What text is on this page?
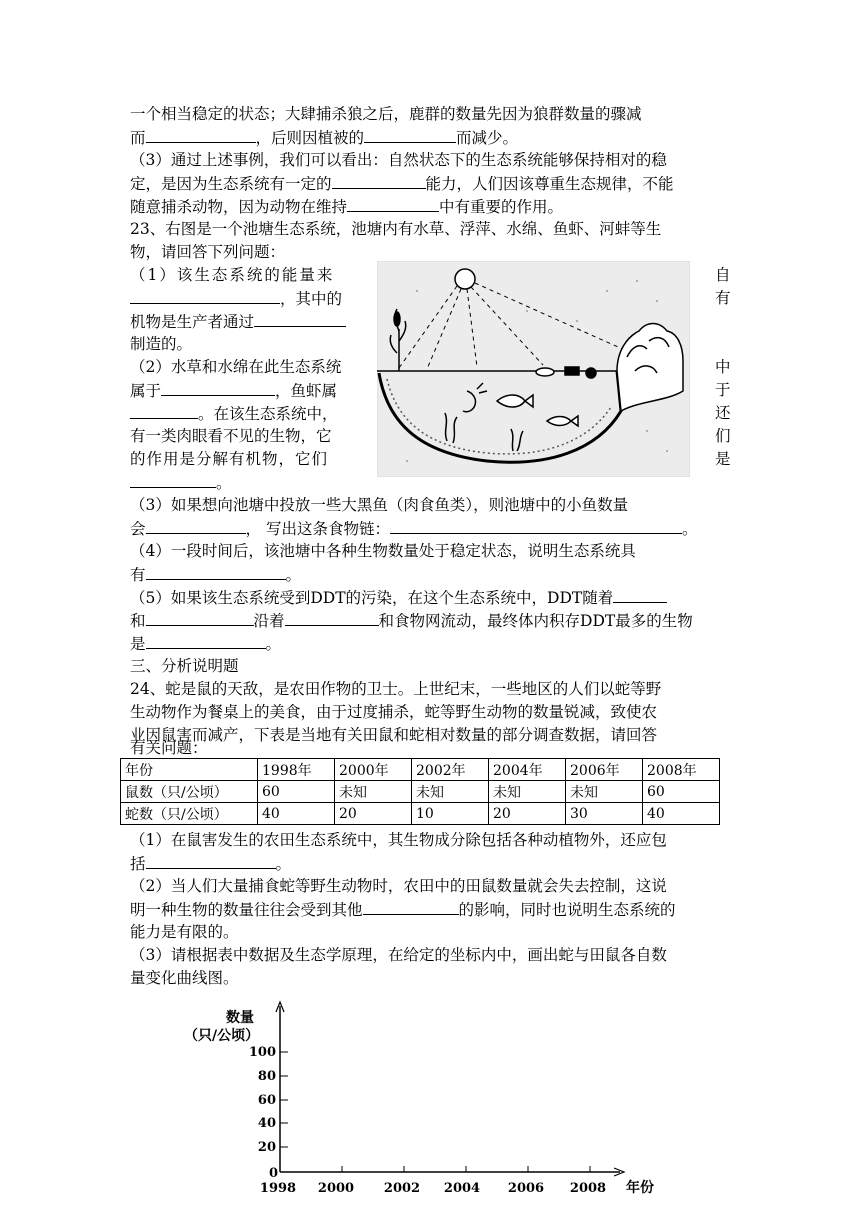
一个相当稳定的状态；大肆捕杀狼之后，鹿群的数量先因为狼群数量的骤减
而	，后则因植被的	而减少。
（3）通过上述事例，我们可以看出：自然状态下的生态系统能够保持相对的稳
定，是因为生态系统有一定的	能力，人们因该尊重生态规律，不能
随意捕杀动物，因为动物在维持	中有重要的作用。
23、右图是一个池塘生态系统，池塘内有水草、浮萍、水绵、鱼虾、河蚌等生
物，请回答下列问题：
（1）该生态系统的能量来	自
，其中的	有
机物是生产者通过
制造的。
（2）水草和水绵在此生态系统	中
属于	，鱼虾属	于
。在该生态系统中，	还
有一类肉眼看不见的生物，它	们
的作用是分解有机物，它们	是
。
（3）如果想向池塘中投放一些大黑鱼（肉食鱼类），则池塘中的小鱼数量
会	， 写出这条食物链：	。
（4）一段时间后，该池塘中各种生物数量处于稳定状态，说明生态系统具
有	。
（5）如果该生态系统受到DDT的污染，在这个生态系统中，DDT随着
和	沿着	和食物网流动，最终体内积存DDT最多的生物
是	。
三、分析说明题
24、蛇是鼠的天敌，是农田作物的卫士。上世纪末，一些地区的人们以蛇等野
生动物作为餐桌上的美食，由于过度捕杀，蛇等野生动物的数量锐减，致使农
业因鼠害而减产，下表是当地有关田鼠和蛇相对数量的部分调查数据，请回答
有关问题：
年份	1998年	2000年	2002年	2004年	2006年	2008年
鼠数（只/公顷）	60	未知	未知	未知	未知	60
蛇数（只/公顷）	40	20	10	20	30	40
（1）在鼠害发生的农田生态系统中，其生物成分除包括各种动植物外，还应包
括	。
（2）当人们大量捕食蛇等野生动物时，农田中的田鼠数量就会失去控制，这说
明一种生物的数量往往会受到其他	的影响，同时也说明生态系统的
能力是有限的。
（3）请根据表中数据及生态学原理，在给定的坐标内中，画出蛇与田鼠各自数
量变化曲线图。
数量
（只/公顷）
0
20
40
60
80
100
1998 2000 2002 2004 2006 2008 年份
